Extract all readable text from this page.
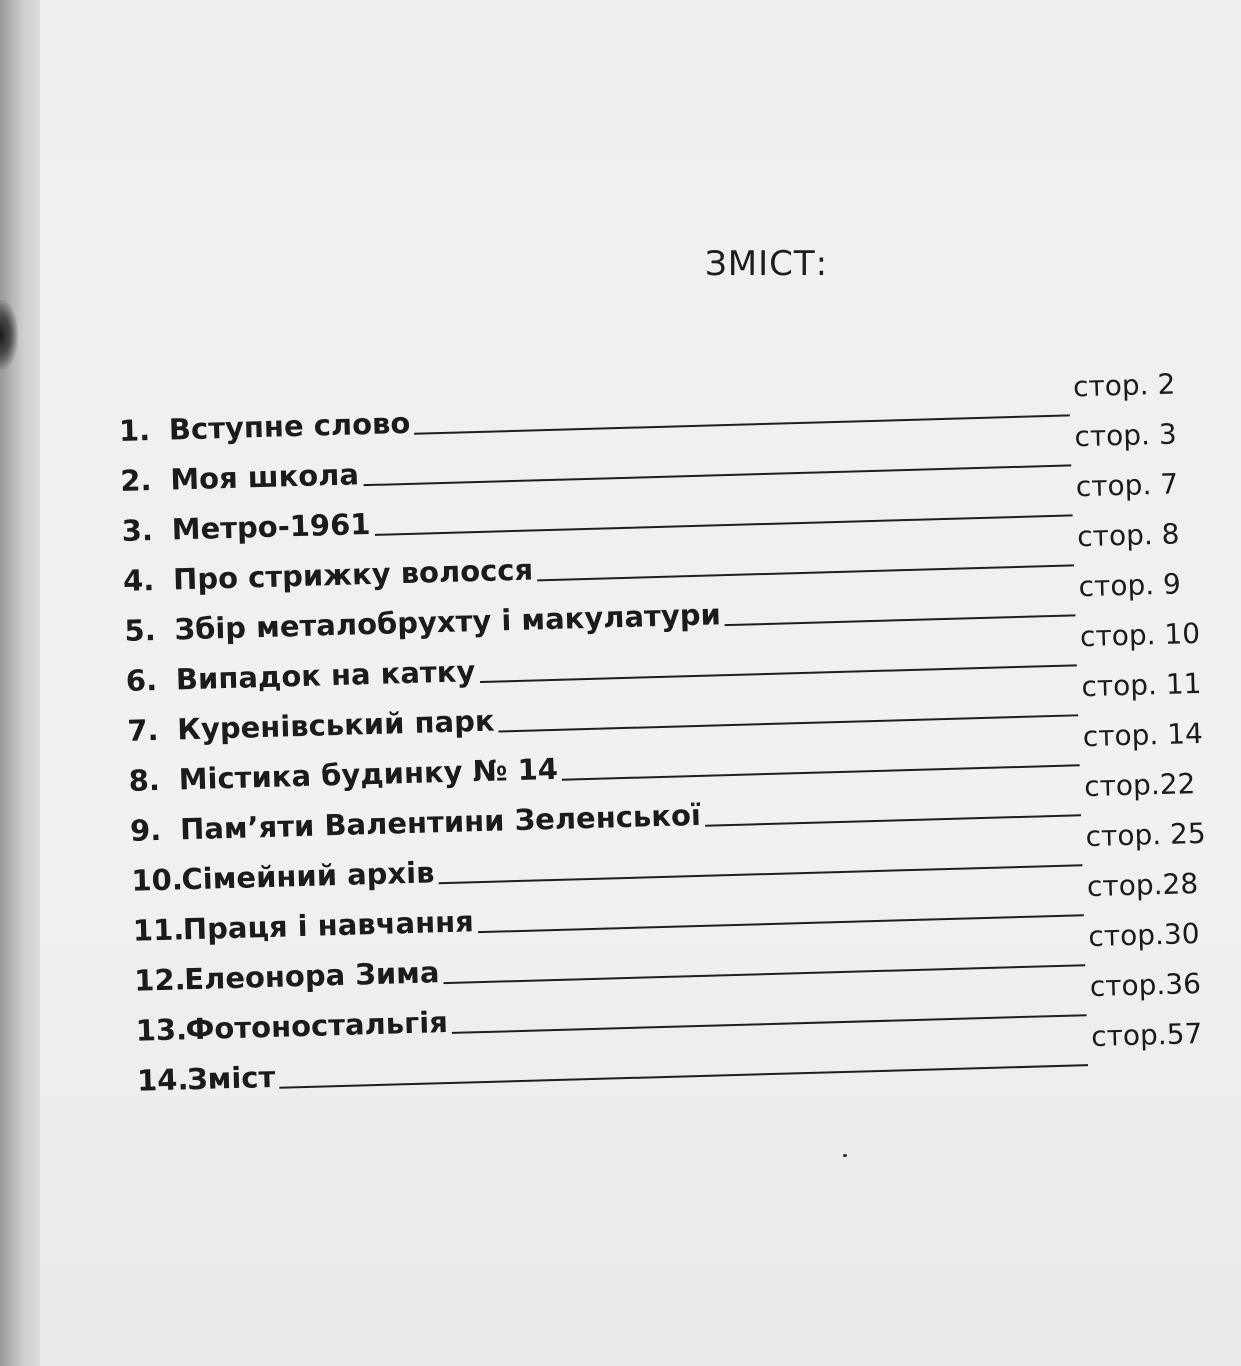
ЗМІСТ:
1. Вступне слово
стор. 2
2. Моя школа
стор. 3
3. Метро-1961
стор. 7
4. Про стрижку волосся
стор. 8
5. Збір металобрухту і макулатури
стор. 9
6. Випадок на катку
стор. 10
7. Куренівський парк
стор. 11
8. Містика будинку № 14
стор. 14
9. Пам’яти Валентини Зеленської
стор.22
10.
Сімейний архів
стор. 25
11.
Праця і навчання
стор.28
12.
Елеонора Зима
стор.30
13.
Фотоностальгія
стор.36
14.
Зміст
стор.57
